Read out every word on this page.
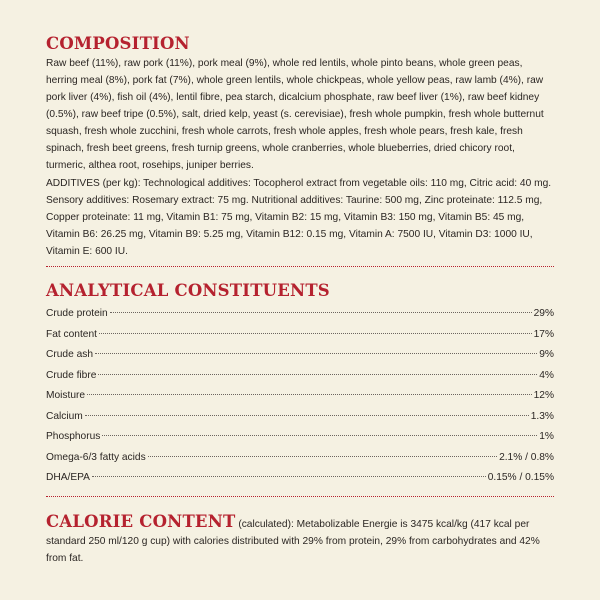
COMPOSITION
Raw beef (11%), raw pork (11%), pork meal (9%), whole red lentils, whole pinto beans, whole green peas, herring meal (8%), pork fat (7%), whole green lentils, whole chickpeas, whole yellow peas, raw lamb (4%), raw pork liver (4%), fish oil (4%), lentil fibre, pea starch, dicalcium phosphate, raw beef liver (1%), raw beef kidney (0.5%), raw beef tripe (0.5%), salt, dried kelp, yeast (s. cerevisiae), fresh whole pumpkin, fresh whole butternut squash, fresh whole zucchini, fresh whole carrots, fresh whole apples, fresh whole pears, fresh kale, fresh spinach, fresh beet greens, fresh turnip greens, whole cranberries, whole blueberries, dried chicory root, turmeric, althea root, rosehips, juniper berries.
ADDITIVES (per kg): Technological additives: Tocopherol extract from vegetable oils: 110 mg, Citric acid: 40 mg. Sensory additives: Rosemary extract: 75 mg. Nutritional additives: Taurine: 500 mg, Zinc proteinate: 112.5 mg, Copper proteinate: 11 mg, Vitamin B1: 75 mg, Vitamin B2: 15 mg, Vitamin B3: 150 mg, Vitamin B5: 45 mg, Vitamin B6: 26.25 mg, Vitamin B9: 5.25 mg, Vitamin B12: 0.15 mg, Vitamin A: 7500 IU, Vitamin D3: 1000 IU, Vitamin E: 600 IU.
ANALYTICAL CONSTITUENTS
Crude protein	29%
Fat content	17%
Crude ash	9%
Crude fibre	4%
Moisture	12%
Calcium	1.3%
Phosphorus	1%
Omega-6/3 fatty acids	2.1% / 0.8%
DHA/EPA	0.15% / 0.15%
CALORIE CONTENT (calculated): Metabolizable Energie is 3475 kcal/kg (417 kcal per standard 250 ml/120 g cup) with calories distributed with 29% from protein, 29% from carbohydrates and 42% from fat.
